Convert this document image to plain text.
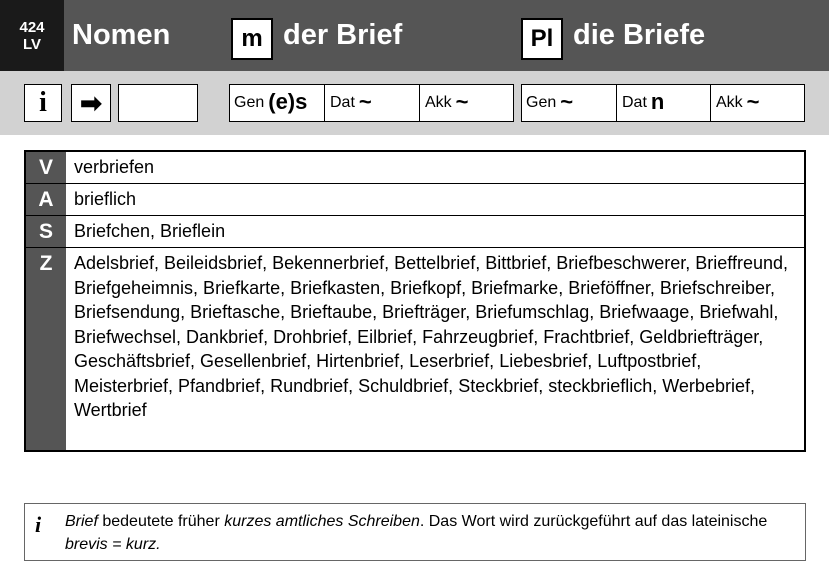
424
LV Nomen	m der Brief	Pl die Briefe
i ➡	Gen (e)s Dat ~	Akk ~	Gen ~	Dat n	Akk ~
V	verbriefen
A	brieflich
S	Briefchen, Brieflein
Z	Adelsbrief, Beileidsbrief, Bekennerbrief, Bettelbrief, Bittbrief, Briefbeschwerer, Brieffreund, Briefgeheimnis, Briefkarte, Briefkasten, Briefkopf, Briefmarke, Brieföffner, Briefschreiber, Briefsendung, Brieftasche, Brieftaube, Briefträger, Briefumschlag, Briefwaage, Briefwahl, Briefwechsel, Dankbrief, Drohbrief, Eilbrief, Fahrzeugbrief, Frachtbrief, Geldbriefträger, Geschäftsbrief, Gesellenbrief, Hirtenbrief, Leserbrief, Liebesbrief, Luftpostbrief, Meisterbrief, Pfandbrief, Rundbrief, Schuldbrief, Steckbrief, steckbrieflich, Werbebrief, Wertbrief
i Brief bedeutete früher kurzes amtliches Schreiben. Das Wort wird zurückgeführt auf das lateinische brevis = kurz.
